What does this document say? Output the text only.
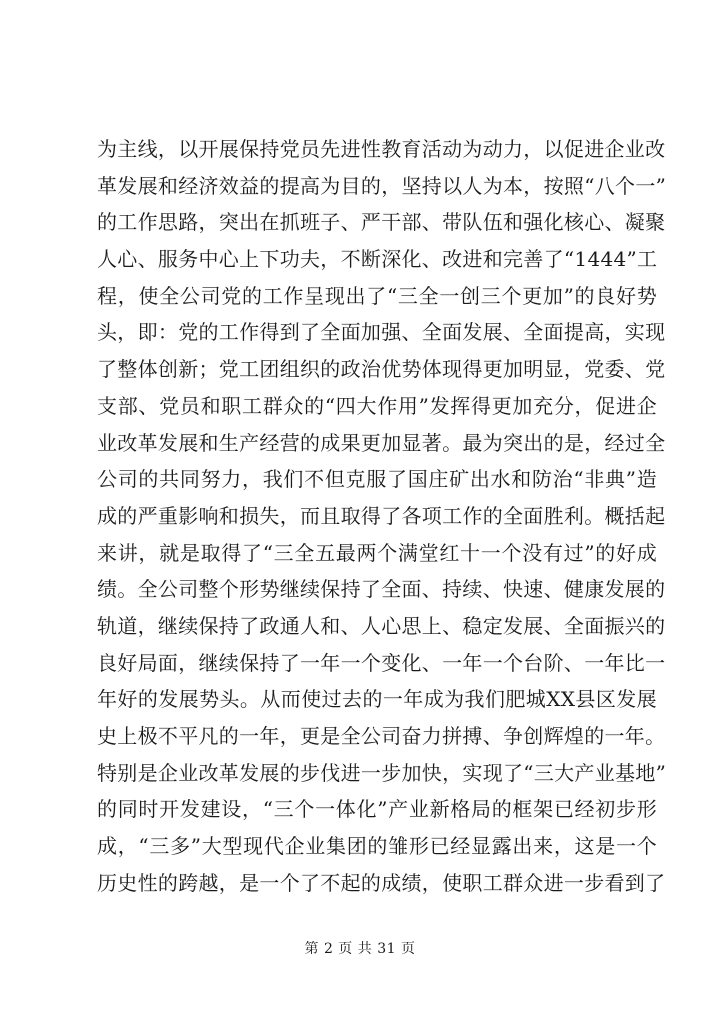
为主线，以开展保持党员先进性教育活动为动力，以促进企业改
革发展和经济效益的提高为目的，坚持以人为本，按照“八个一”
的工作思路，突出在抓班子、严干部、带队伍和强化核心、凝聚
人心、服务中心上下功夫，不断深化、改进和完善了“1444”工
程，使全公司党的工作呈现出了“三全一创三个更加”的良好势
头，即：党的工作得到了全面加强、全面发展、全面提高，实现
了整体创新；党工团组织的政治优势体现得更加明显，党委、党
支部、党员和职工群众的“四大作用”发挥得更加充分，促进企
业改革发展和生产经营的成果更加显著。最为突出的是，经过全
公司的共同努力，我们不但克服了国庄矿出水和防治“非典”造
成的严重影响和损失，而且取得了各项工作的全面胜利。概括起
来讲，就是取得了“三全五最两个满堂红十一个没有过”的好成
绩。全公司整个形势继续保持了全面、持续、快速、健康发展的
轨道，继续保持了政通人和、人心思上、稳定发展、全面振兴的
良好局面，继续保持了一年一个变化、一年一个台阶、一年比一
年好的发展势头。从而使过去的一年成为我们肥城XX县区发展
史上极不平凡的一年，更是全公司奋力拼搏、争创辉煌的一年。
特别是企业改革发展的步伐进一步加快，实现了“三大产业基地”
的同时开发建设，“三个一体化”产业新格局的框架已经初步形
成，“三多”大型现代企业集团的雏形已经显露出来，这是一个
历史性的跨越，是一个了不起的成绩，使职工群众进一步看到了
第 2 页 共 31 页
